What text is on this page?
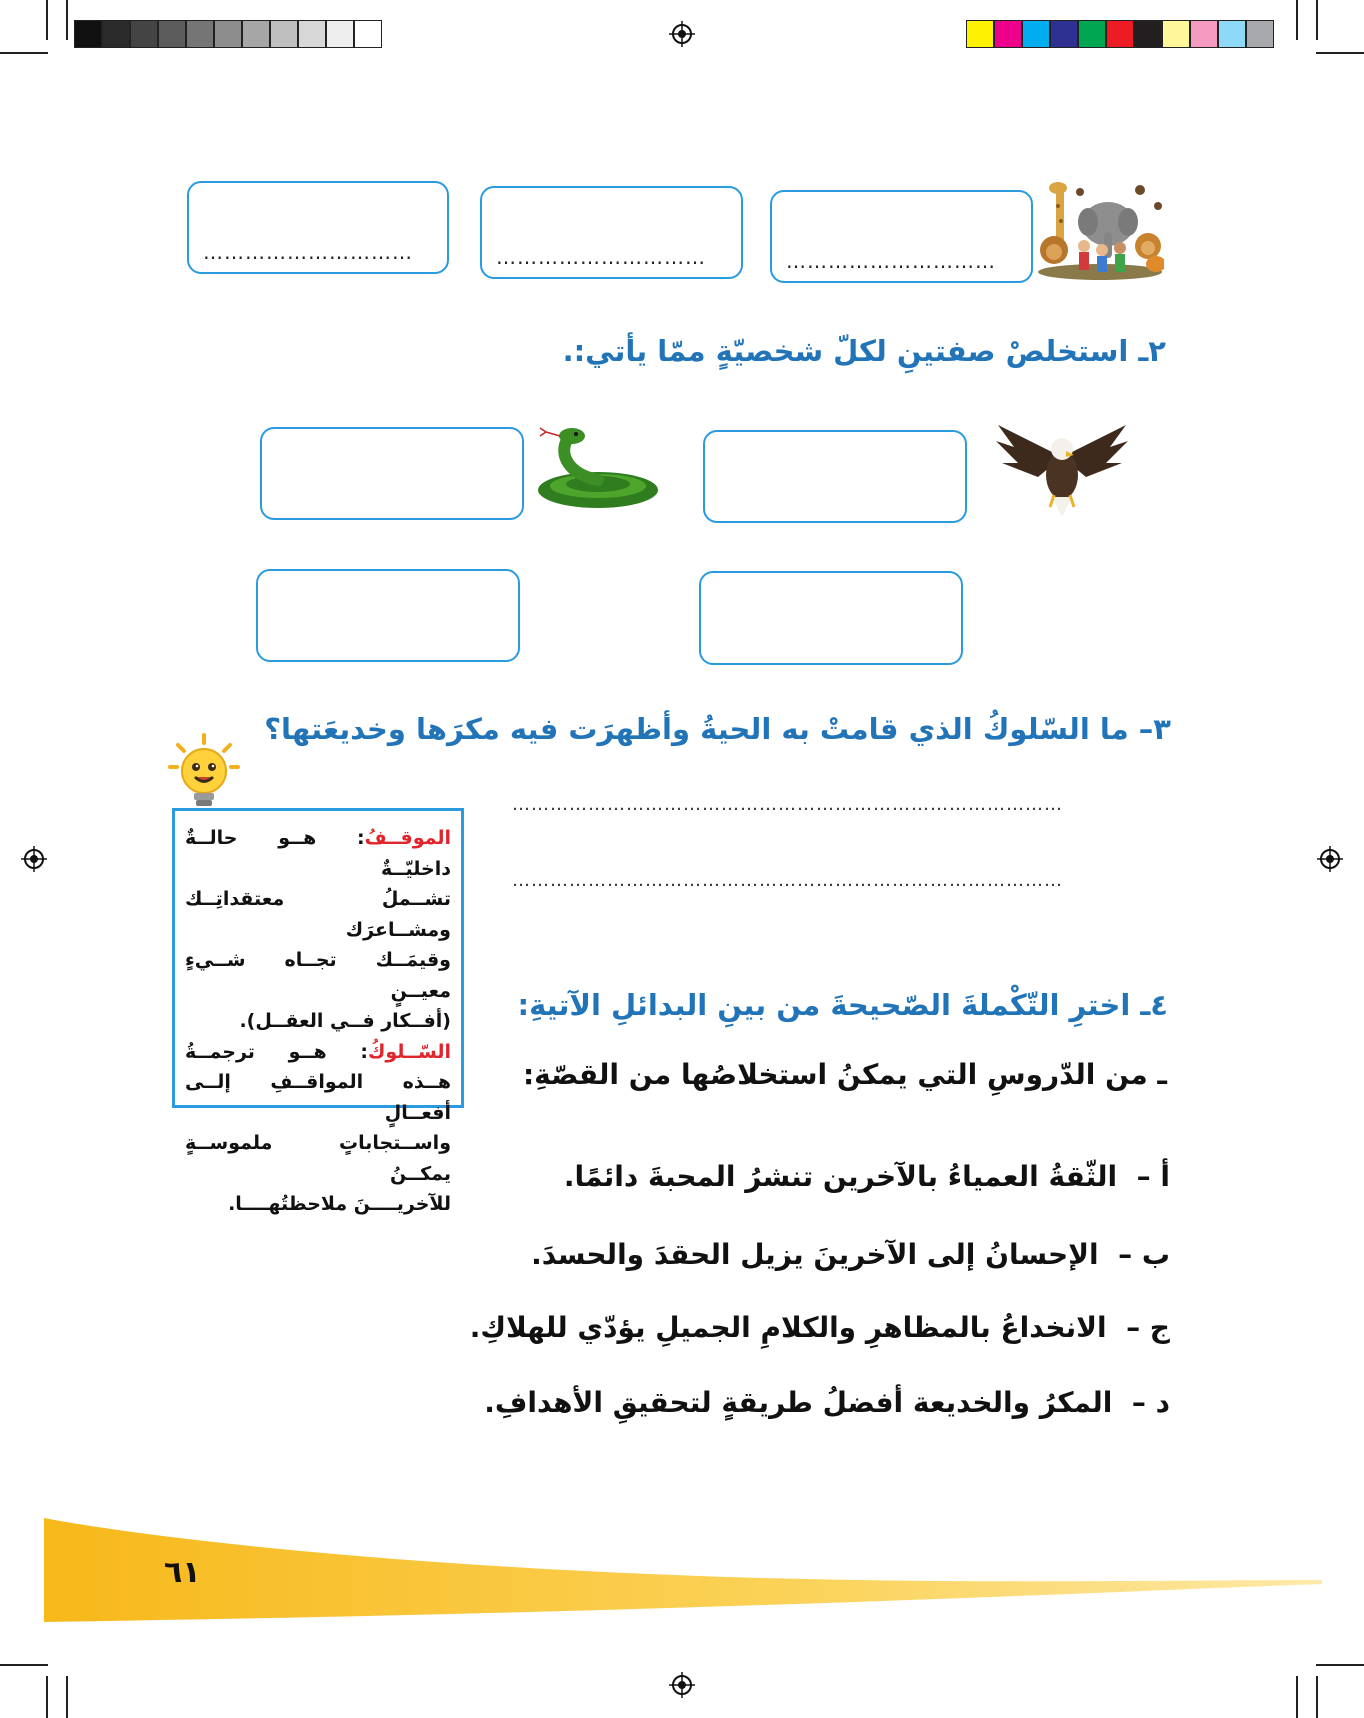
…………………………	…………………………	…………………………
٢ـ استخلصْ صفتينِ لكلّ شخصيّةٍ ممّا يأتي:.
٣– ما السّلوكُ الذي قامتْ به الحيةُ وأظهرَت فيه مكرَها وخديعَتها؟
……………………………………………………………………………
……………………………………………………………………………

الموقــفُ: هــو حالــةٌ داخليّــةٌ

تشــملُ معتقداتِــك ومشــاعرَك

وقيمَــك تجــاه شــيءٍ معيــنٍ

(أفــكار فــي العقــل).

السّــلوكُ: هــو ترجمــةُ

هــذه المواقــفِ إلــى أفعــالٍ

واســتجاباتٍ ملموســةٍ يمكــنُ

للآخريــــنَ ملاحظتُهــــا.

٤ـ اخترِ التّكْملةَ الصّحيحةَ من بينِ البدائلِ الآتيةِ:
ـ من الدّروسِ التي يمكنُ استخلاصُها من القصّةِ:
أ –  الثّقةُ العمياءُ بالآخرين تنشرُ المحبةَ دائمًا.
ب –  الإحسانُ إلى الآخرينَ يزيل الحقدَ والحسدَ.
ج –  الانخداعُ بالمظاهرِ والكلامِ الجميلِ يؤدّي للهلاكِ.
د –  المكرُ والخديعة أفضلُ طريقةٍ لتحقيقِ الأهدافِ.
٦١
